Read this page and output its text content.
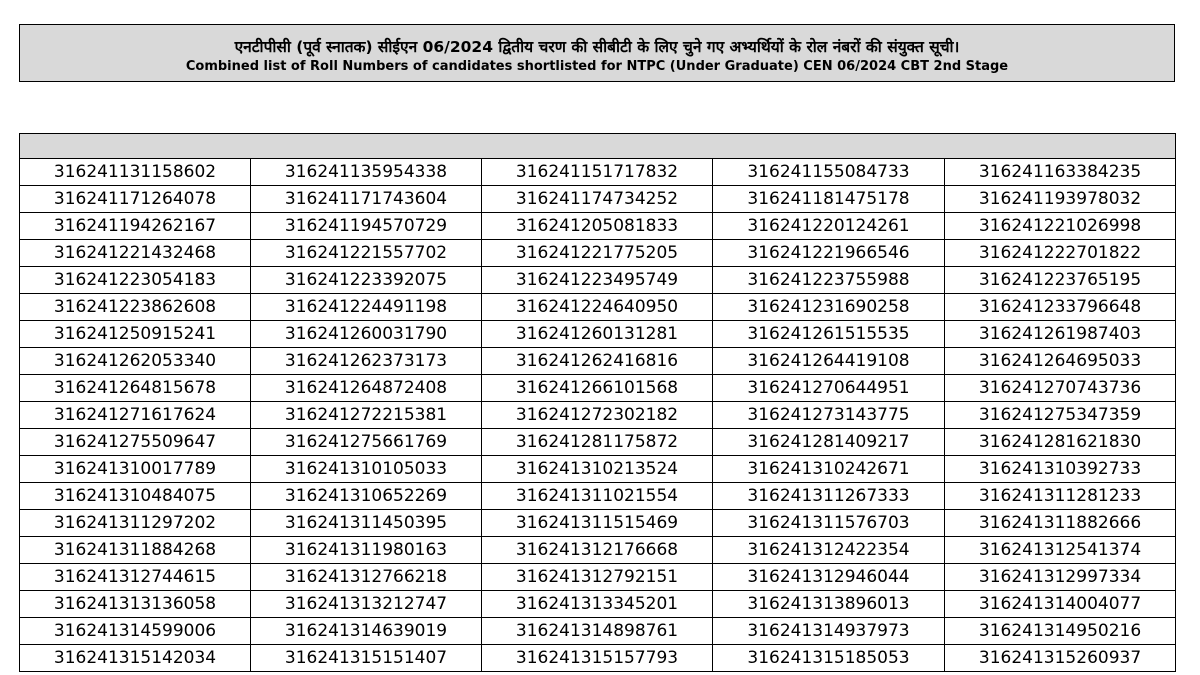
एनटीपीसी (पूर्व स्नातक) सीईएन 06/2024 द्वितीय चरण की सीबीटी के लिए चुने गए अभ्यर्थियों के रोल नंबरों की संयुक्त सूची।
Combined list of Roll Numbers of candidates shortlisted for NTPC (Under Graduate) CEN 06/2024 CBT 2nd Stage

316241131158602	316241135954338	316241151717832	316241155084733	316241163384235
316241171264078	316241171743604	316241174734252	316241181475178	316241193978032
316241194262167	316241194570729	316241205081833	316241220124261	316241221026998
316241221432468	316241221557702	316241221775205	316241221966546	316241222701822
316241223054183	316241223392075	316241223495749	316241223755988	316241223765195
316241223862608	316241224491198	316241224640950	316241231690258	316241233796648
316241250915241	316241260031790	316241260131281	316241261515535	316241261987403
316241262053340	316241262373173	316241262416816	316241264419108	316241264695033
316241264815678	316241264872408	316241266101568	316241270644951	316241270743736
316241271617624	316241272215381	316241272302182	316241273143775	316241275347359
316241275509647	316241275661769	316241281175872	316241281409217	316241281621830
316241310017789	316241310105033	316241310213524	316241310242671	316241310392733
316241310484075	316241310652269	316241311021554	316241311267333	316241311281233
316241311297202	316241311450395	316241311515469	316241311576703	316241311882666
316241311884268	316241311980163	316241312176668	316241312422354	316241312541374
316241312744615	316241312766218	316241312792151	316241312946044	316241312997334
316241313136058	316241313212747	316241313345201	316241313896013	316241314004077
316241314599006	316241314639019	316241314898761	316241314937973	316241314950216
316241315142034	316241315151407	316241315157793	316241315185053	316241315260937
